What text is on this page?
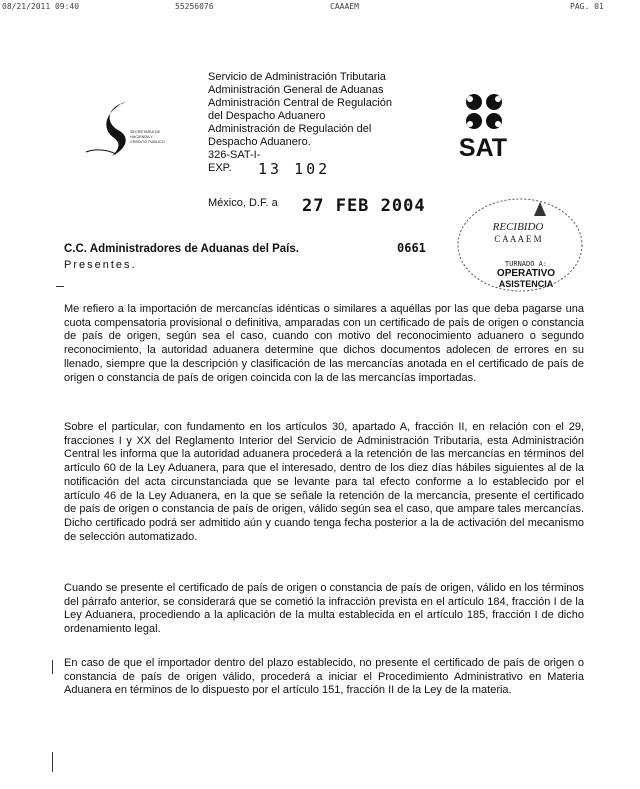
08/21/2011 09:40	55256076	CAAAEM	PAG. 01
SECRETARIA DE
HACIENDA Y
CREDITO PUBLICO
Servicio de Administración Tributaria
Administración General de Aduanas
Administración Central de Regulación
del Despacho Aduanero
Administración de Regulación del
Despacho Aduanero.
326-SAT-I-
EXP.	13 102
SAT
México, D.F. a 27 FEB 2004
RECIBIDO
C A A A E M
TURNADO A:
OPERATIVO
ASISTENCIA
C.C. Administradores de Aduanas del País.	0661
Presentes.
Me refiero a la importación de mercancías idénticas o similares a aquéllas por las que deba pagarse una cuota compensatoria provisional o definitiva, amparadas con un certificado de país de origen o constancia de país de origen, según sea el caso, cuando con motivo del reconocimiento aduanero o segundo reconocimiento, la autoridad aduanera determine que dichos documentos adolecen de errores en su llenado, siempre que la descripción y clasificación de las mercancías anotada en el certificado de país de origen o constancia de país de origen coincida con la de las mercancías importadas.
Sobre el particular, con fundamento en los artículos 30, apartado A, fracción II, en relación con el 29, fracciones I y XX del Reglamento Interior del Servicio de Administración Tributaria, esta Administración Central les informa que la autoridad aduanera procederá a la retención de las mercancías en términos del artículo 60 de la Ley Aduanera, para que el interesado, dentro de los diez días hábiles siguientes al de la notificación del acta circunstanciada que se levante para tal efecto conforme a lo establecido por el artículo 46 de la Ley Aduanera, en la que se señale la retención de la mercancía, presente el certificado de país de origen o constancia de país de origen, válido según sea el caso, que ampare tales mercancías. Dicho certificado podrá ser admitido aún y cuando tenga fecha posterior a la de activación del mecanismo de selección automatizado.
Cuando se presente el certificado de país de origen o constancia de país de origen, válido en los términos del párrafo anterior, se considerará que se cometió la infracción prevista en el artículo 184, fracción I de la Ley Aduanera, procediendo a la aplicación de la multa establecida en el artículo 185, fracción I de dicho ordenamiento legal.
En caso de que el importador dentro del plazo establecido, no presente el certificado de país de origen o constancia de país de origen válido, procederá a iniciar el Procedimiento Administrativo en Materia Aduanera en términos de lo dispuesto por el artículo 151, fracción II de la Ley de la materia.
